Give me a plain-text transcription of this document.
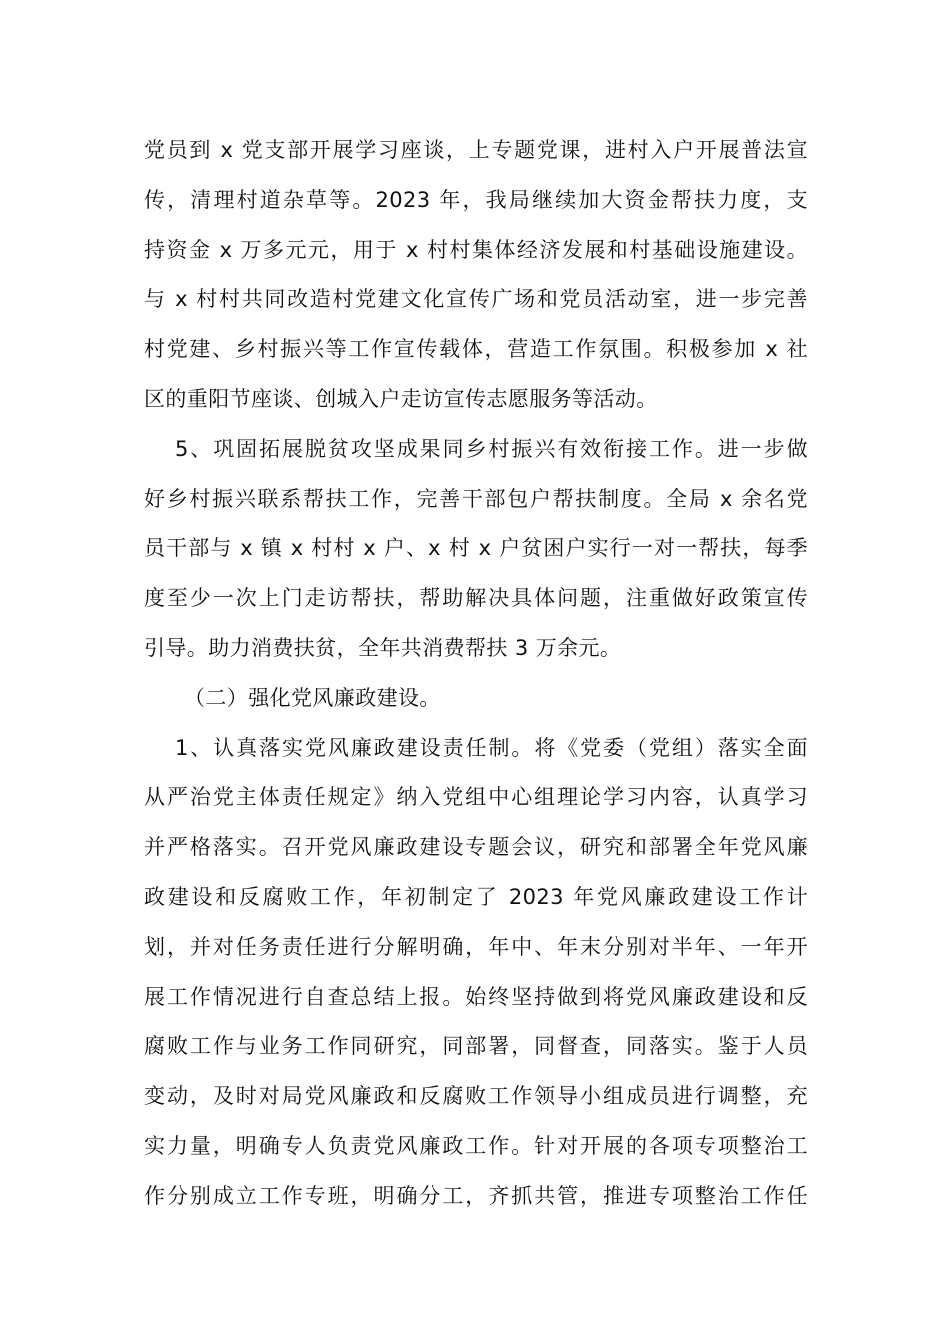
党员到 x 党支部开展学习座谈，上专题党课，进村入户开展普法宣
传，清理村道杂草等。2023 年，我局继续加大资金帮扶力度，支
持资金 x 万多元元，用于 x 村村集体经济发展和村基础设施建设。
与 x 村村共同改造村党建文化宣传广场和党员活动室，进一步完善
村党建、乡村振兴等工作宣传载体，营造工作氛围。积极参加 x 社
区的重阳节座谈、创城入户走访宣传志愿服务等活动。
5、巩固拓展脱贫攻坚成果同乡村振兴有效衔接工作。进一步做
好乡村振兴联系帮扶工作，完善干部包户帮扶制度。全局 x 余名党
员干部与 x 镇 x 村村 x 户、x 村 x 户贫困户实行一对一帮扶，每季
度至少一次上门走访帮扶，帮助解决具体问题，注重做好政策宣传
引导。助力消费扶贫，全年共消费帮扶 3 万余元。
（二）强化党风廉政建设。
1、认真落实党风廉政建设责任制。将《党委（党组）落实全面
从严治党主体责任规定》纳入党组中心组理论学习内容，认真学习
并严格落实。召开党风廉政建设专题会议，研究和部署全年党风廉
政建设和反腐败工作，年初制定了 2023 年党风廉政建设工作计
划，并对任务责任进行分解明确，年中、年末分别对半年、一年开
展工作情况进行自查总结上报。始终坚持做到将党风廉政建设和反
腐败工作与业务工作同研究，同部署，同督查，同落实。鉴于人员
变动，及时对局党风廉政和反腐败工作领导小组成员进行调整，充
实力量，明确专人负责党风廉政工作。针对开展的各项专项整治工
作分别成立工作专班，明确分工，齐抓共管，推进专项整治工作任
